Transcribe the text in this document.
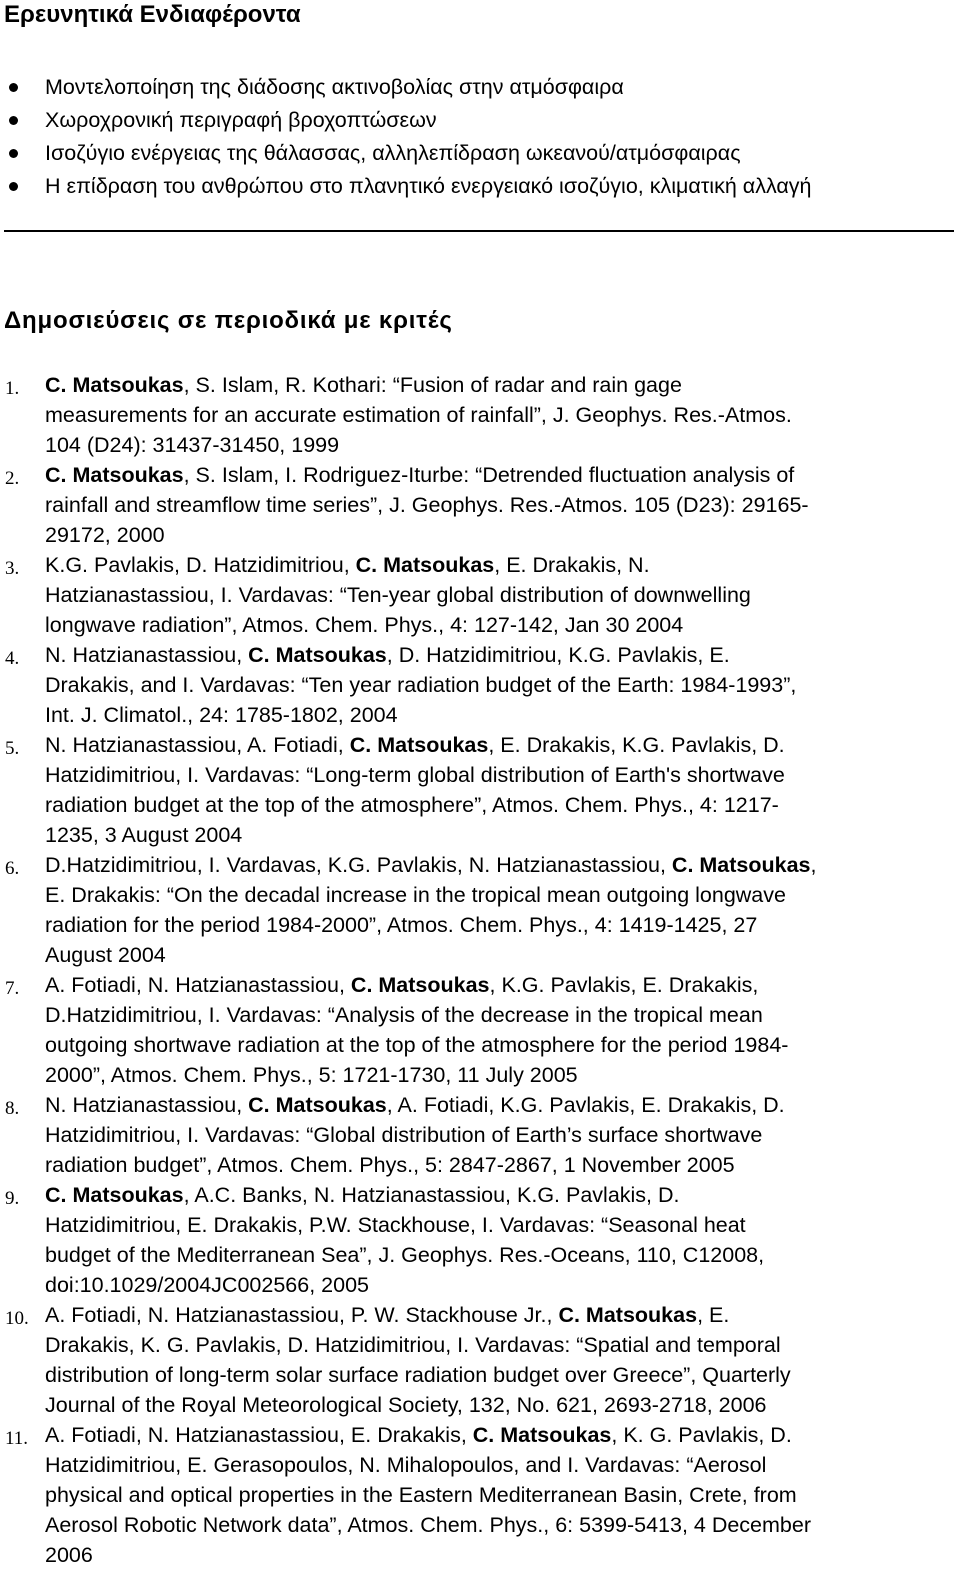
Ερευνητικά Ενδιαφέροντα
Μοντελοποίηση της διάδοσης ακτινοβολίας στην ατμόσφαιρα
Χωροχρονική περιγραφή βροχοπτώσεων
Ισοζύγιο ενέργειας της θάλασσας, αλληλεπίδραση ωκεανού/ατμόσφαιρας
Η επίδραση του ανθρώπου στο πλανητικό ενεργειακό ισοζύγιο, κλιματική αλλαγή
Δημοσιεύσεις σε περιοδικά με κριτές
1. C. Matsoukas, S. Islam, R. Kothari: “Fusion of radar and rain gage
measurements for an accurate estimation of rainfall”, J. Geophys. Res.-Atmos.
104 (D24): 31437-31450, 1999
2. C. Matsoukas, S. Islam, I. Rodriguez-Iturbe: “Detrended fluctuation analysis of
rainfall and streamflow time series”, J. Geophys. Res.-Atmos. 105 (D23): 29165-
29172, 2000
3. K.G. Pavlakis, D. Hatzidimitriou, C. Matsoukas, E. Drakakis, N.
Hatzianastassiou, I. Vardavas: “Ten-year global distribution of downwelling
longwave radiation”, Atmos. Chem. Phys., 4: 127-142, Jan 30 2004
4. N. Hatzianastassiou, C. Matsoukas, D. Hatzidimitriou, K.G. Pavlakis, E.
Drakakis, and I. Vardavas: “Ten year radiation budget of the Earth: 1984-1993”,
Int. J. Climatol., 24: 1785-1802, 2004
5. N. Hatzianastassiou, A. Fotiadi, C. Matsoukas, E. Drakakis, K.G. Pavlakis, D.
Hatzidimitriou, I. Vardavas: “Long-term global distribution of Earth's shortwave
radiation budget at the top of the atmosphere”, Atmos. Chem. Phys., 4: 1217-
1235, 3 August 2004
6. D.Hatzidimitriou, I. Vardavas, K.G. Pavlakis, N. Hatzianastassiou, C. Matsoukas,
E. Drakakis: “On the decadal increase in the tropical mean outgoing longwave
radiation for the period 1984-2000”, Atmos. Chem. Phys., 4: 1419-1425, 27
August 2004
7. A. Fotiadi, N. Hatzianastassiou, C. Matsoukas, K.G. Pavlakis, E. Drakakis,
D.Hatzidimitriou, I. Vardavas: “Analysis of the decrease in the tropical mean
outgoing shortwave radiation at the top of the atmosphere for the period 1984-
2000”, Atmos. Chem. Phys., 5: 1721-1730, 11 July 2005
8. N. Hatzianastassiou, C. Matsoukas, A. Fotiadi, K.G. Pavlakis, E. Drakakis, D.
Hatzidimitriou, I. Vardavas: “Global distribution of Earth’s surface shortwave
radiation budget”, Atmos. Chem. Phys., 5: 2847-2867, 1 November 2005
9. C. Matsoukas, A.C. Banks, N. Hatzianastassiou, K.G. Pavlakis, D.
Hatzidimitriou, E. Drakakis, P.W. Stackhouse, I. Vardavas: “Seasonal heat
budget of the Mediterranean Sea”, J. Geophys. Res.-Oceans, 110, C12008,
doi:10.1029/2004JC002566, 2005
10. A. Fotiadi, N. Hatzianastassiou, P. W. Stackhouse Jr., C. Matsoukas, E.
Drakakis, K. G. Pavlakis, D. Hatzidimitriou, I. Vardavas: “Spatial and temporal
distribution of long-term solar surface radiation budget over Greece”, Quarterly
Journal of the Royal Meteorological Society, 132, No. 621, 2693-2718, 2006
11. A. Fotiadi, N. Hatzianastassiou, E. Drakakis, C. Matsoukas, K. G. Pavlakis, D.
Hatzidimitriou, E. Gerasopoulos, N. Mihalopoulos, and I. Vardavas: “Aerosol
physical and optical properties in the Eastern Mediterranean Basin, Crete, from
Aerosol Robotic Network data”, Atmos. Chem. Phys., 6: 5399-5413, 4 December
2006
